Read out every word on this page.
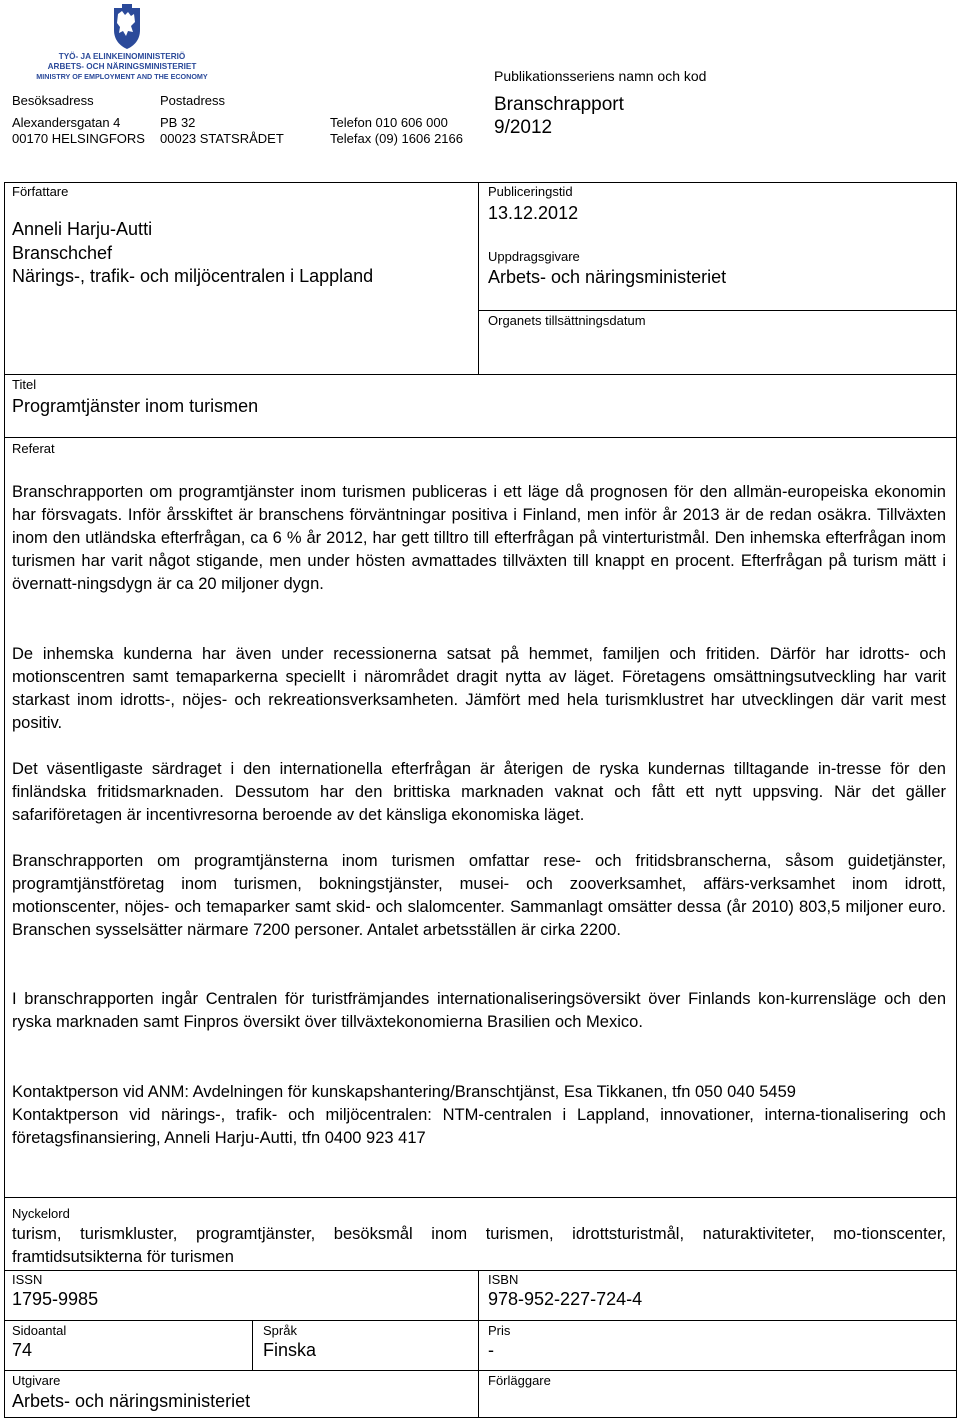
TYÖ- JA ELINKEINOMINISTERIÖ
ARBETS- OCH NÄRINGSMINISTERIET
MINISTRY OF EMPLOYMENT AND THE ECONOMY
Besöksadress
Alexandersgatan 4
00170 HELSINGFORS
Postadress
PB 32
00023 STATSRÅDET
Telefon 010 606 000
Telefax (09) 1606 2166
Publikationsseriens namn och kod
Branschrapport
9/2012
Författare
Anneli Harju-Autti
Branschchef
Närings-, trafik- och miljöcentralen i Lappland
Publiceringstid
13.12.2012
Uppdragsgivare
Arbets- och näringsministeriet
Organets tillsättningsdatum
Titel
Programtjänster inom turismen
Referat

Branschrapporten om programtjänster inom turismen publiceras i ett läge då prognosen för den allmän-europeiska ekonomin har försvagats. Inför årsskiftet är branschens förväntningar positiva i Finland, men inför år 2013 är de redan osäkra. Tillväxten inom den utländska efterfrågan, ca 6 % år 2012, har gett tilltro till efterfrågan på vinterturistmål. Den inhemska efterfrågan inom turismen har varit något stigande, men under hösten avmattades tillväxten till knappt en procent. Efterfrågan på turism mätt i övernatt-ningsdygn är ca 20 miljoner dygn.

De inhemska kunderna har även under recessionerna satsat på hemmet, familjen och fritiden. Därför har idrotts- och motionscentren samt temaparkerna speciellt i närområdet dragit nytta av läget. Företagens omsättningsutveckling har varit starkast inom idrotts-, nöjes- och rekreationsverksamheten. Jämfört med hela turismklustret har utvecklingen där varit mest positiv.

Det väsentligaste särdraget i den internationella efterfrågan är återigen de ryska kundernas tilltagande in-tresse för den finländska fritidsmarknaden. Dessutom har den brittiska marknaden vaknat och fått ett nytt uppsving. När det gäller safariföretagen är incentivresorna beroende av det känsliga ekonomiska läget.

Branschrapporten om programtjänsterna inom turismen omfattar rese- och fritidsbranscherna, såsom guidetjänster, programtjänstföretag inom turismen, bokningstjänster, musei- och zooverksamhet, affärs-verksamhet inom idrott, motionscenter, nöjes- och temaparker samt skid- och slalomcenter. Sammanlagt omsätter dessa (år 2010) 803,5 miljoner euro. Branschen sysselsätter närmare 7200 personer. Antalet arbetsställen är cirka 2200.

I branschrapporten ingår Centralen för turistfrämjandes internationaliseringsöversikt över Finlands kon-kurrensläge och den ryska marknaden samt Finpros översikt över tillväxtekonomierna Brasilien och Mexico.

Kontaktperson vid ANM: Avdelningen för kunskapshantering/Branschtjänst, Esa Tikkanen, tfn 050 040 5459
Kontaktperson vid närings-, trafik- och miljöcentralen: NTM-centralen i Lappland, innovationer, interna-tionalisering och företagsfinansiering, Anneli Harju-Autti, tfn 0400 923 417

Nyckelord

turism, turismkluster, programtjänster, besöksmål inom turismen, idrottsturistmål, naturaktiviteter, mo-tionscenter, framtidsutsikterna för turismen

ISSN
1795-9985
ISBN
978-952-227-724-4
Sidoantal
74
Språk
Finska
Pris
-
Utgivare
Arbets- och näringsministeriet
Förläggare
